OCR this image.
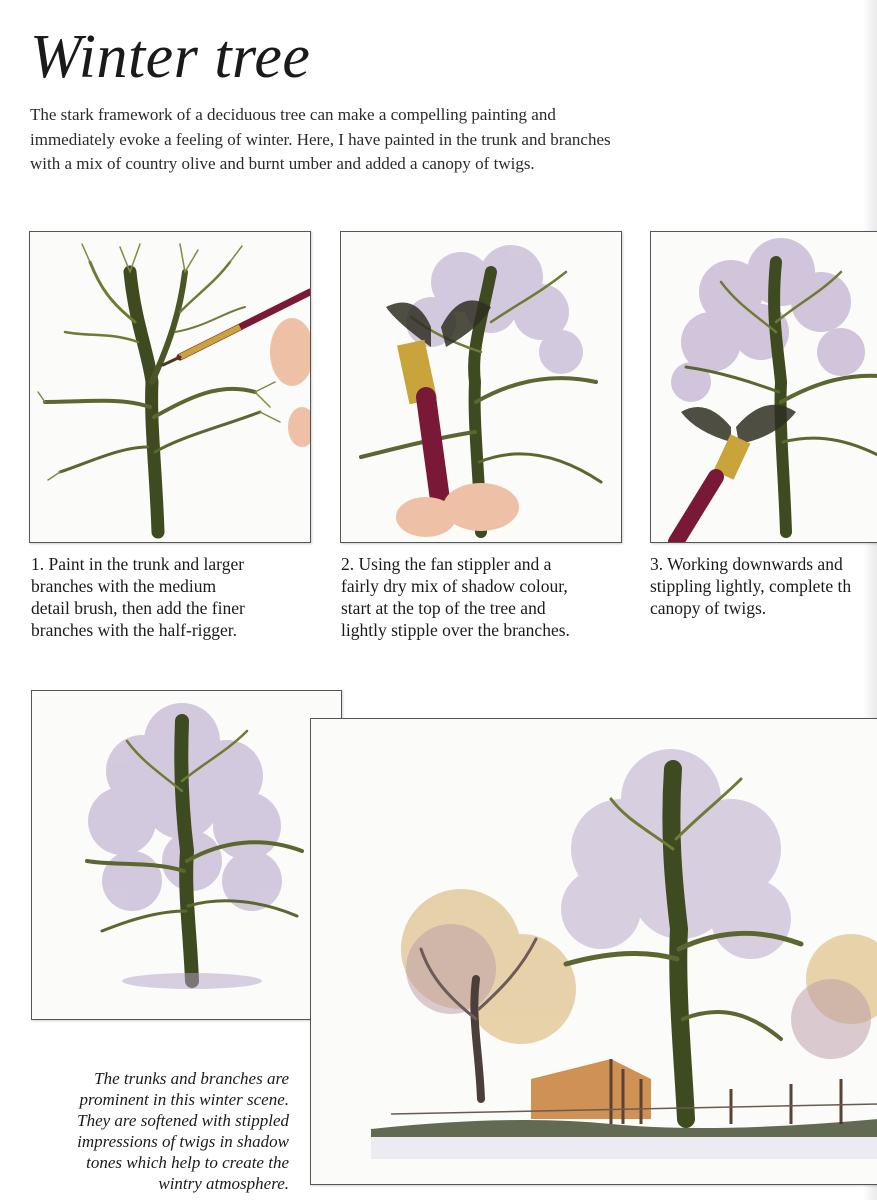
Winter tree

The stark framework of a deciduous tree can make a compelling painting and immediately evoke a feeling of winter. Here, I have painted in the trunk and branches with a mix of country olive and burnt umber and added a canopy of twigs.

1. Paint in the trunk and larger
branches with the medium
detail brush, then add the finer
branches with the half-rigger.

2. Using the fan stippler and a
fairly dry mix of shadow colour,
start at the top of the tree and
lightly stipple over the branches.

3. Working downwards and
stippling lightly, complete th
canopy of twigs.

The trunks and branches are
prominent in this winter scene.
They are softened with stippled
impressions of twigs in shadow
tones which help to create the
wintry atmosphere.
